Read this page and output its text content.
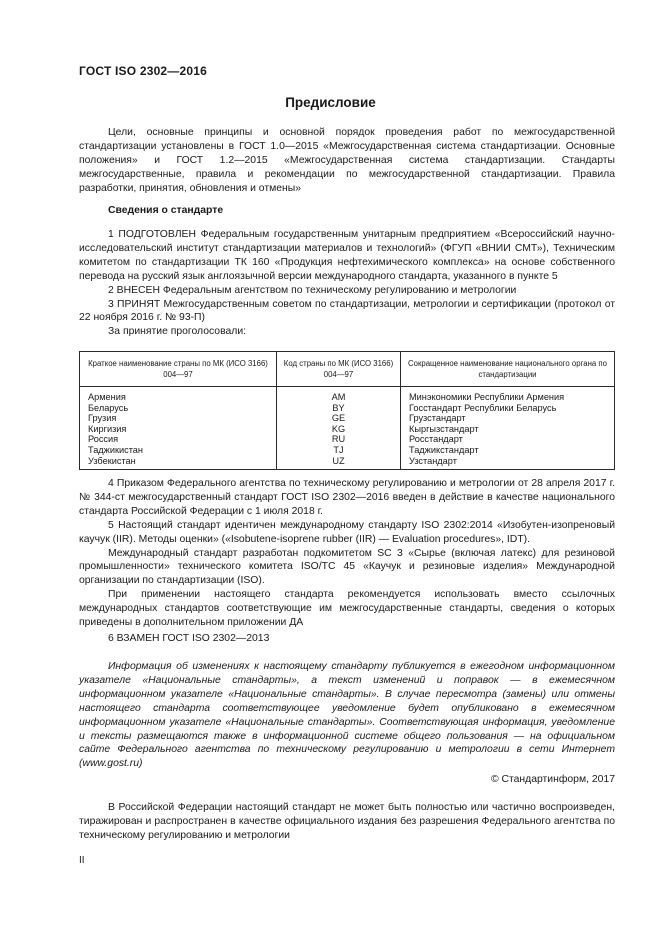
ГОСТ ISO 2302—2016
Предисловие

Цели, основные принципы и основной порядок проведения работ по межгосударственной стандартизации установлены в ГОСТ 1.0—2015 «Межгосударственная система стандартизации. Основные положения» и ГОСТ 1.2—2015 «Межгосударственная система стандартизации. Стандарты межгосударственные, правила и рекомендации по межгосударственной стандартизации. Правила разработки, принятия, обновления и отмены»

Сведения о стандарте

1 ПОДГОТОВЛЕН Федеральным государственным унитарным предприятием «Всероссийский научно-исследовательский институт стандартизации материалов и технологий» (ФГУП «ВНИИ СМТ»), Техническим комитетом по стандартизации ТК 160 «Продукция нефтехимического комплекса» на основе собственного перевода на русский язык англоязычной версии международного стандарта, указанного в пункте 5

2 ВНЕСЕН Федеральным агентством по техническому регулированию и метрологии

3 ПРИНЯТ Межгосударственным советом по стандартизации, метрологии и сертификации (протокол от 22 ноября 2016 г. № 93-П)

За принятие проголосовали:

Краткое наименование страны по МК (ИСО 3166) 004—97	Код страны по МК (ИСО 3166) 004—97	Сокращенное наименование национального органа по стандартизации
Армения	AM	Минэкономики Республики Армения
Беларусь	BY	Госстандарт Республики Беларусь
Грузия	GE	Грузстандарт
Киргизия	KG	Кыргызстандарт
Россия	RU	Росстандарт
Таджикистан	TJ	Таджикстандарт
Узбекистан	UZ	Узстандарт

4 Приказом Федерального агентства по техническому регулированию и метрологии от 28 апреля 2017 г. № 344-ст межгосударственный стандарт ГОСТ ISO 2302—2016 введен в действие в качестве национального стандарта Российской Федерации с 1 июля 2018 г.

5 Настоящий стандарт идентичен международному стандарту ISO 2302:2014 «Изобутен-изопреновый каучук (IIR). Методы оценки» («Isobutene-isoprene rubber (IIR) — Evaluation procedures», IDT).

Международный стандарт разработан подкомитетом SC 3 «Сырье (включая латекс) для резиновой промышленности» технического комитета ISO/TC 45 «Каучук и резиновые изделия» Международной организации по стандартизации (ISO).

При применении настоящего стандарта рекомендуется использовать вместо ссылочных международных стандартов соответствующие им межгосударственные стандарты, сведения о которых приведены в дополнительном приложении ДА

6 ВЗАМЕН ГОСТ ISO 2302—2013

Информация об изменениях к настоящему стандарту публикуется в ежегодном информационном указателе «Национальные стандарты», а текст изменений и поправок — в ежемесячном информационном указателе «Национальные стандарты». В случае пересмотра (замены) или отмены настоящего стандарта соответствующее уведомление будет опубликовано в ежемесячном информационном указателе «Национальные стандарты». Соответствующая информация, уведомление и тексты размещаются также в информационной системе общего пользования — на официальном сайте Федерального агентства по техническому регулированию и метрологии в сети Интернет (www.gost.ru)

© Стандартинформ, 2017

В Российской Федерации настоящий стандарт не может быть полностью или частично воспроизведен, тиражирован и распространен в качестве официального издания без разрешения Федерального агентства по техническому регулированию и метрологии

II
